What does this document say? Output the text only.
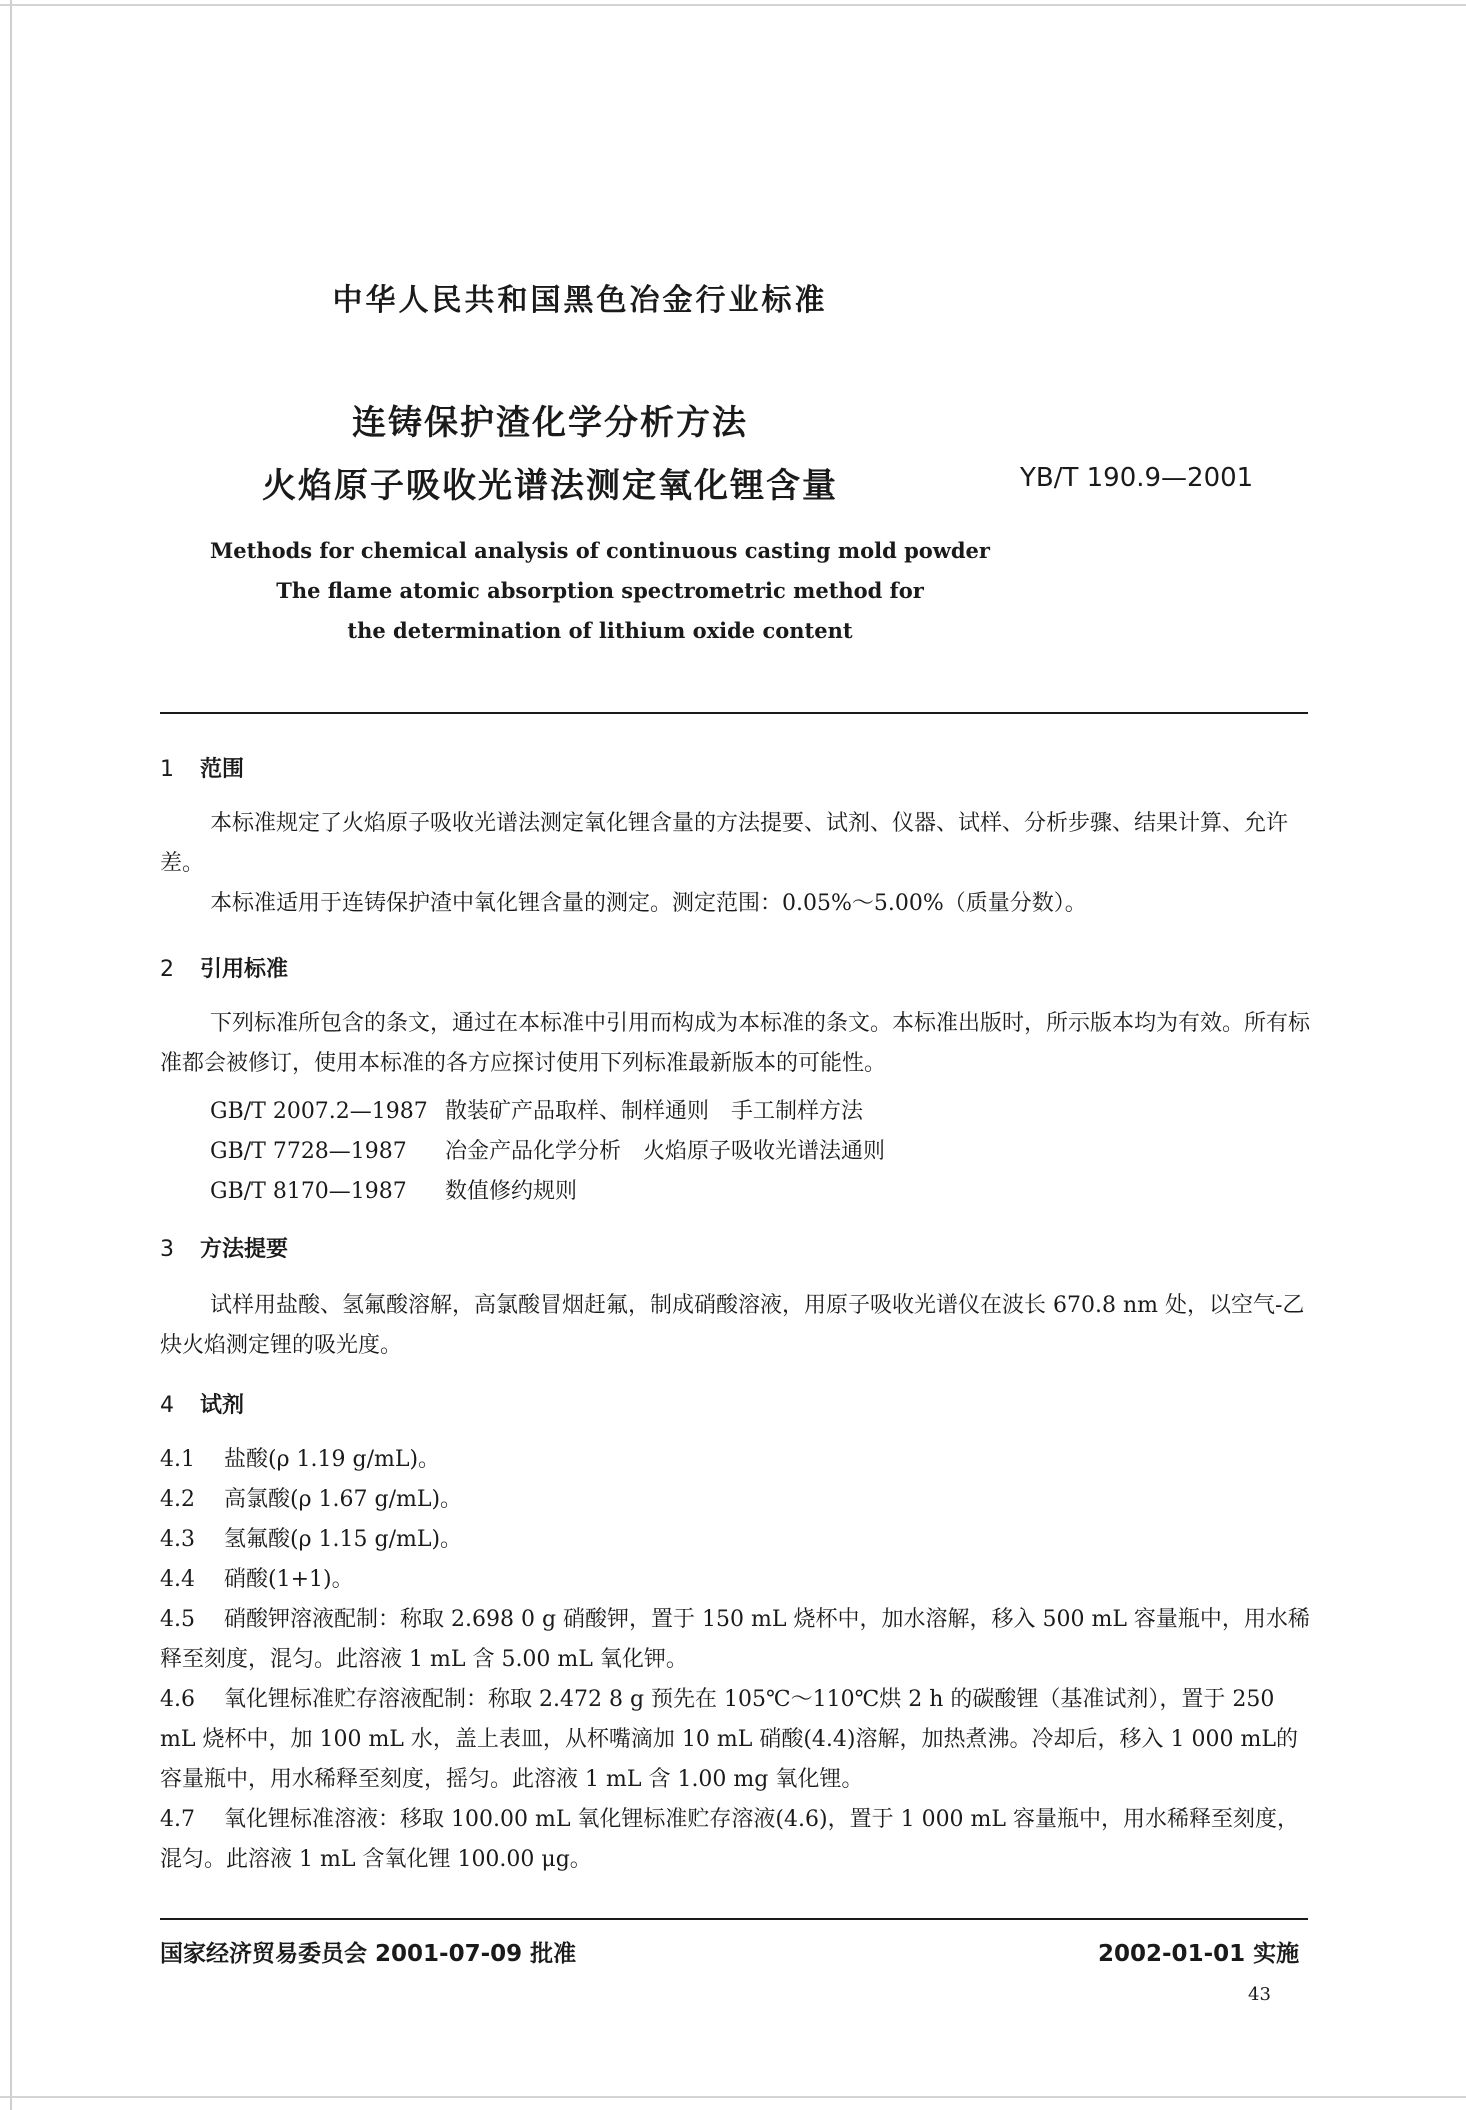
中华人民共和国黑色冶金行业标准
连铸保护渣化学分析方法
火焰原子吸收光谱法测定氧化锂含量	YB/T 190.9—2001
Methods for chemical analysis of continuous casting mold powder
The flame atomic absorption spectrometric method for
the determination of lithium oxide content
1 范围
本标准规定了火焰原子吸收光谱法测定氧化锂含量的方法提要、试剂、仪器、试样、分析步骤、结果计算、允许差。
本标准适用于连铸保护渣中氧化锂含量的测定。测定范围：0.05%～5.00%（质量分数）。
2 引用标准
下列标准所包含的条文，通过在本标准中引用而构成为本标准的条文。本标准出版时，所示版本均为有效。所有标准都会被修订，使用本标准的各方应探讨使用下列标准最新版本的可能性。
GB/T 2007.2—1987 散装矿产品取样、制样通则　手工制样方法
GB/T 7728—1987 冶金产品化学分析　火焰原子吸收光谱法通则
GB/T 8170—1987 数值修约规则
3 方法提要
试样用盐酸、氢氟酸溶解，高氯酸冒烟赶氟，制成硝酸溶液，用原子吸收光谱仪在波长 670.8 nm 处，以空气-乙炔火焰测定锂的吸光度。
4 试剂
4.1 盐酸(ρ 1.19 g/mL)。
4.2 高氯酸(ρ 1.67 g/mL)。
4.3 氢氟酸(ρ 1.15 g/mL)。
4.4 硝酸(1+1)。
4.5 硝酸钾溶液配制：称取 2.698 0 g 硝酸钾，置于 150 mL 烧杯中，加水溶解，移入 500 mL 容量瓶中，用水稀释至刻度，混匀。此溶液 1 mL 含 5.00 mL 氧化钾。
4.6 氧化锂标准贮存溶液配制：称取 2.472 8 g 预先在 105℃～110℃烘 2 h 的碳酸锂（基准试剂），置于 250 mL 烧杯中，加 100 mL 水，盖上表皿，从杯嘴滴加 10 mL 硝酸(4.4)溶解，加热煮沸。冷却后，移入 1 000 mL的容量瓶中，用水稀释至刻度，摇匀。此溶液 1 mL 含 1.00 mg 氧化锂。
4.7 氧化锂标准溶液：移取 100.00 mL 氧化锂标准贮存溶液(4.6)，置于 1 000 mL 容量瓶中，用水稀释至刻度，混匀。此溶液 1 mL 含氧化锂 100.00 μg。
国家经济贸易委员会 2001-07-09 批准	2002-01-01 实施
43
